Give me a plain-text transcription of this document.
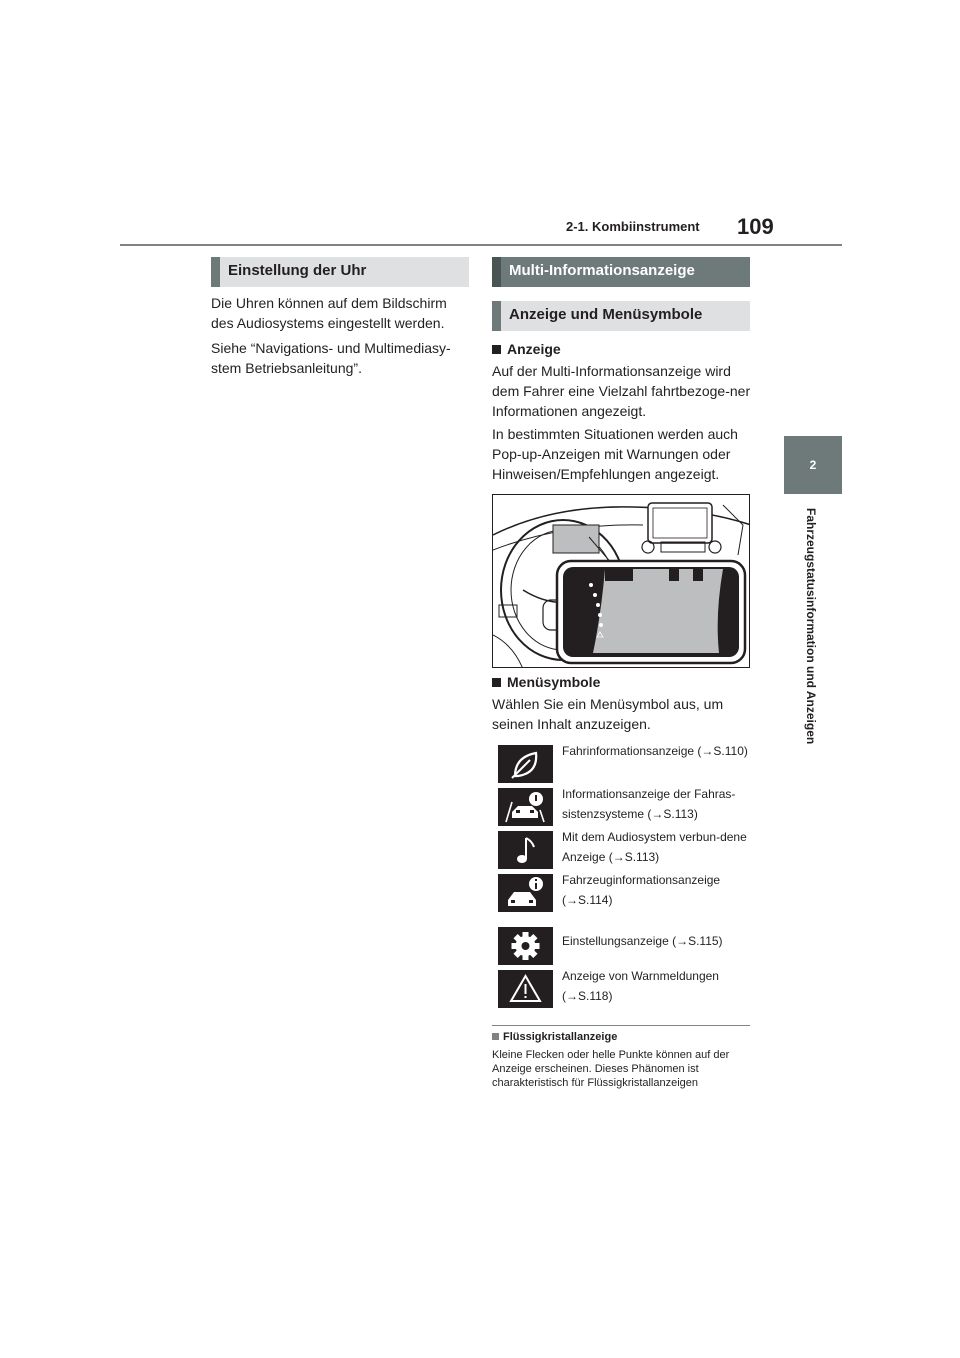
2-1. Kombiinstrument 109
2
Fahrzeugstatusinformation und Anzeigen
Einstellung der Uhr
Die Uhren können auf dem Bildschirm des Audiosystems eingestellt werden.
Siehe “Navigations- und Multimediasy-stem Betriebsanleitung”.
Multi-Informationsanzeige
Anzeige und Menüsymbole
Anzeige
Auf der Multi-Informationsanzeige wird dem Fahrer eine Vielzahl fahrtbezoge-ner Informationen angezeigt.
In bestimmten Situationen werden auch Pop-up-Anzeigen mit Warnungen oder Hinweisen/Empfehlungen angezeigt.
Menüsymbole
Wählen Sie ein Menüsymbol aus, um seinen Inhalt anzuzeigen.
Fahrinformationsanzeige (→S.110)
Informationsanzeige der Fahras-sistenzsysteme (→S.113)
Mit dem Audiosystem verbun-dene Anzeige (→S.113)
Fahrzeuginformationsanzeige (→S.114)
Einstellungsanzeige (→S.115)
Anzeige von Warnmeldungen (→S.118)
Flüssigkristallanzeige
Kleine Flecken oder helle Punkte können auf der Anzeige erscheinen. Dieses Phänomen ist charakteristisch für Flüssigkristallanzeigen
